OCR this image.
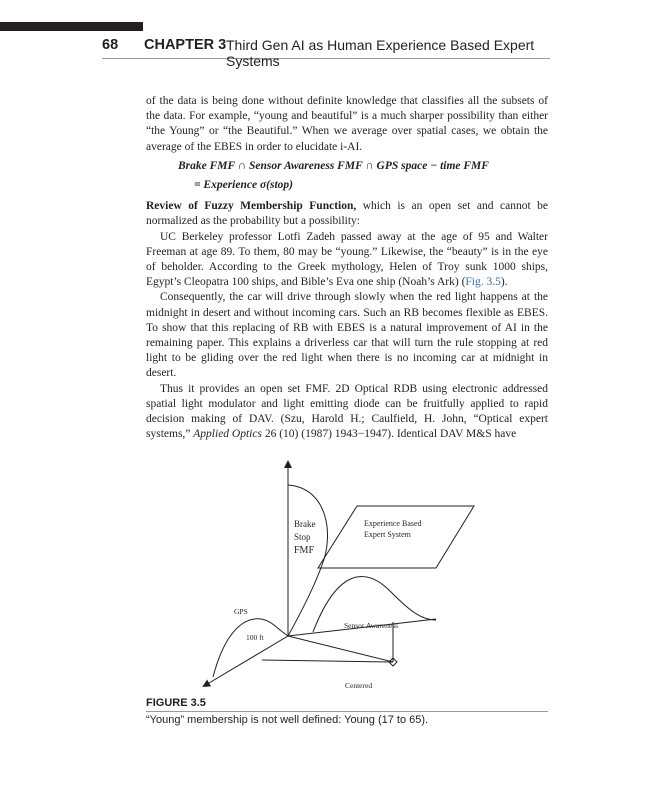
68 CHAPTER 3 Third Gen AI as Human Experience Based Expert Systems

of the data is being done without definite knowledge that classifies all the subsets of the data. For example, “young and beautiful” is a much sharper possibility than either “the Young” or “the Beautiful.” When we average over spatial cases, we obtain the average of the EBES in order to elucidate i-AI.

Brake FMF ∩ Sensor Awareness FMF ∩ GPS space − time FMF
= Experience σ(stop)

Review of Fuzzy Membership Function, which is an open set and cannot be normalized as the probability but a possibility:

UC Berkeley professor Lotfi Zadeh passed away at the age of 95 and Walter Freeman at age 89. To them, 80 may be “young.” Likewise, the “beauty” is in the eye of beholder. According to the Greek mythology, Helen of Troy sunk 1000 ships, Egypt’s Cleopatra 100 ships, and Bible’s Eva one ship (Noah’s Ark) (Fig. 3.5).

Consequently, the car will drive through slowly when the red light happens at the midnight in desert and without incoming cars. Such an RB becomes flexible as EBES. To show that this replacing of RB with EBES is a natural improvement of AI in the remaining paper. This explains a driverless car that will turn the rule stopping at red light to be gliding over the red light when there is no incoming car at midnight in desert.

Thus it provides an open set FMF. 2D Optical RDB using electronic addressed spatial light modulator and light emitting diode can be fruitfully applied to rapid decision making of DAV. (Szu, Harold H.; Caulfield, H. John, “Optical expert systems,” Applied Optics 26 (10) (1987) 1943−1947). Identical DAV M&S have

Brake
Stop
FMF
Experience Based
Expert System
GPS
100 ft
Sensor Awareness
Centered
FIGURE 3.5
“Young” membership is not well defined: Young (17 to 65).
